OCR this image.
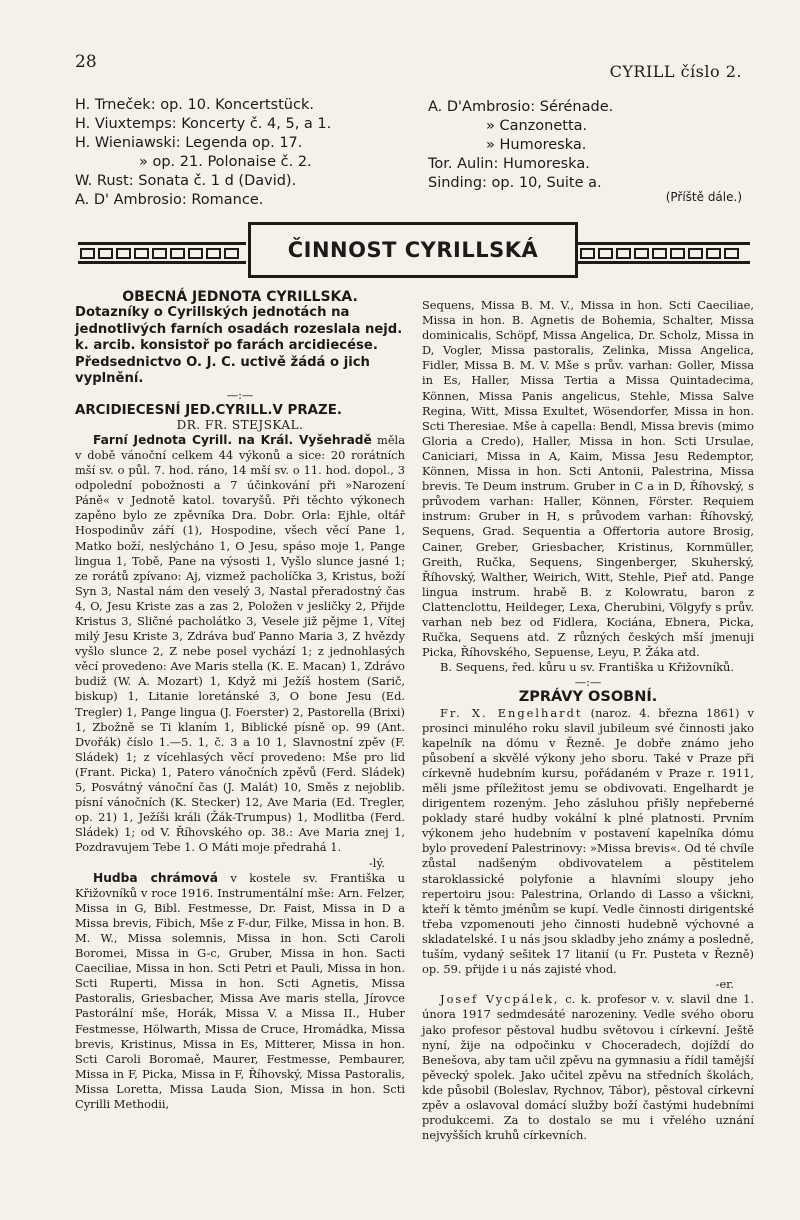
28	CYRILL číslo 2.
H. Trneček: op. 10. Koncertstück.
H. Viuxtemps: Koncerty č. 4, 5, a 1.
H. Wieniawski: Legenda op. 17.
» op. 21. Polonaise č. 2.
W. Rust: Sonata č. 1 d (David).
A. D' Ambrosio: Romance.
A. D'Ambrosio: Sérénade.
» Canzonetta.
» Humoreska.
Tor. Aulin: Humoreska.
Sinding: op. 10, Suite a.
(Příště dále.)
ČINNOST CYRILLSKÁ

OBECNÁ JEDNOTA CYRILLSKA.

Dotazníky o Cyrillských jednotách na jednotlivých farních osadách rozeslala nejd. k. arcib. konsistoř po farách arcidiecése. Předsednictvo O. J. C. uctivě žádá o jich vyplnění.

—:—

ARCIDIECESNÍ JED.CYRILL.V PRAZE.

DR. FR. STEJSKAL.

Farní Jednota Cyrill. na Král. Vyšehradě měla v době vánoční celkem 44 výkonů a sice: 20 rorátních mší sv. o půl. 7. hod. ráno, 14 mší sv. o 11. hod. dopol., 3 odpolední pobožnosti a 7 účinkování při »Narození Páně« v Jednotě katol. tovaryšů. Při těchto výkonech zapěno bylo ze zpěvníka Dra. Dobr. Orla: Ejhle, oltář Hospodinův září (1), Hospodine, všech věcí Pane 1, Matko boží, neslýcháno 1, O Jesu, spáso moje 1, Pange lingua 1, Tobě, Pane na výsosti 1, Vyšlo slunce jasné 1; ze rorátů zpívano: Aj, vizmež pacholíčka 3, Kristus, boží Syn 3, Nastal nám den veselý 3, Nastal přeradostný čas 4, O, Jesu Kriste zas a zas 2, Položen v jesličky 2, Přijde Kristus 3, Sličné pacholátko 3, Vesele již pějme 1, Vítej milý Jesu Kriste 3, Zdráva buď Panno Maria 3, Z hvězdy vyšlo slunce 2, Z nebe posel vychází 1; z jednohlasých věcí provedeno: Ave Maris stella (K. E. Macan) 1, Zdrávo budiž (W. A. Mozart) 1, Když mi Ježíš hostem (Sarič, biskup) 1, Litanie loretánské 3, O bone Jesu (Ed. Tregler) 1, Pange lingua (J. Foerster) 2, Pastorella (Brixi) 1, Zbožně se Ti klaním 1, Biblické písně op. 99 (Ant. Dvořák) číslo 1.—5. 1, č. 3 a 10 1, Slavnostní zpěv (F. Sládek) 1; z vícehlasých věcí provedeno: Mše pro lid (Frant. Picka) 1, Patero vánočních zpěvů (Ferd. Sládek) 5, Posvátný vánoční čas (J. Malát) 10, Směs z nejoblib. písní vánočních (K. Stecker) 12, Ave Maria (Ed. Tregler, op. 21) 1, Ježíši králi (Žák-Trumpus) 1, Modlitba (Ferd. Sládek) 1; od V. Říhovského op. 38.: Ave Maria znej 1, Pozdravujem Tebe 1. O Máti moje předrahá 1.

-lý.

Hudba chrámová v kostele sv. Františka u Křižovníků v roce 1916. Instrumentální mše: Arn. Felzer, Missa in G, Bibl. Festmesse, Dr. Faist, Missa in D a Missa brevis, Fibich, Mše z F-dur, Filke, Missa in hon. B. M. W., Missa solemnis, Missa in hon. Scti Caroli Boromei, Missa in G-c, Gruber, Missa in hon. Sacti Caeciliae, Missa in hon. Scti Petri et Pauli, Missa in hon. Scti Ruperti, Missa in hon. Scti Agnetis, Missa Pastoralis, Griesbacher, Missa Ave maris stella, Jírovce Pastorální mše, Horák, Missa V. a Missa II., Huber Festmesse, Hölwarth, Missa de Cruce, Hromádka, Missa brevis, Kristinus, Missa in Es, Mitterer, Missa in hon. Scti Caroli Boromaě, Maurer, Festmesse, Pembaurer, Missa in F, Picka, Missa in F, Říhovský, Missa Pastoralis, Missa Loretta, Missa Lauda Sion, Missa in hon. Scti Cyrilli Methodii,

Sequens, Missa B. M. V., Missa in hon. Scti Caeciliae, Missa in hon. B. Agnetis de Bohemia, Schalter, Missa dominicalis, Schöpf, Missa Angelica, Dr. Scholz, Missa in D, Vogler, Missa pastoralis, Zelinka, Missa Angelica, Fidler, Missa B. M. V. Mše s prův. varhan: Goller, Missa in Es, Haller, Missa Tertia a Missa Quintadecima, Können, Missa Panis angelicus, Stehle, Missa Salve Regina, Witt, Missa Exultet, Wösendorfer, Missa in hon. Scti Theresiae. Mše à capella: Bendl, Missa brevis (mimo Gloria a Credo), Haller, Missa in hon. Scti Ursulae, Caniciari, Missa in A, Kaim, Missa Jesu Redemptor, Können, Missa in hon. Scti Antonii, Palestrina, Missa brevis. Te Deum instrum. Gruber in C a in D, Říhovský, s průvodem varhan: Haller, Können, Förster. Requiem instrum: Gruber in H, s průvodem varhan: Říhovský, Sequens, Grad. Sequentia a Offertoria autore Brosig, Cainer, Greber, Griesbacher, Kristinus, Kornmüller, Greith, Ručka, Sequens, Singenberger, Skuherský, Říhovský, Walther, Weirich, Witt, Stehle, Pieř atd. Pange lingua instrum. hrabě B. z Kolowratu, baron z Clattenclottu, Heildeger, Lexa, Cherubini, Völgyfy s prův. varhan neb bez od Fidlera, Kociána, Ebnera, Picka, Ručka, Sequens atd. Z různých českých mší jmenuji Picka, Říhovského, Sepuense, Leyu, P. Žáka atd.

B. Sequens, řed. kůru u sv. Františka u Křižovníků.

—:—

ZPRÁVY OSOBNÍ.

Fr. X. Engelhardt (naroz. 4. března 1861) v prosinci minulého roku slavil jubileum své činnosti jako kapelník na dómu v Řezně. Je dobře známo jeho působení a skvělé výkony jeho sboru. Také v Praze při církevně hudebním kursu, pořádaném v Praze r. 1911, měli jsme příležitost jemu se obdivovati. Engelhardt je dirigentem rozeným. Jeho zásluhou přišly nepřeberné poklady staré hudby vokální k plné platnosti. Prvním výkonem jeho hudebním v postavení kapelníka dómu bylo provedení Palestrinovy: »Missa brevis«. Od té chvíle zůstal nadšeným obdivovatelem a pěstitelem staroklassické polyfonie a hlavními sloupy jeho repertoiru jsou: Palestrina, Orlando di Lasso a všickni, kteří k těmto jménům se kupí. Vedle činnosti dirigentské třeba vzpomenouti jeho činnosti hudebně výchovné a skladatelské. I u nás jsou skladby jeho známy a posledně, tuším, vydaný sešitek 17 litanií (u Fr. Pusteta v Řezně) op. 59. přijde i u nás zajisté vhod.

-er.

Josef Vycpálek, c. k. profesor v. v. slavil dne 1. února 1917 sedmdesáté narozeniny. Vedle svého oboru jako profesor pěstoval hudbu světovou i církevní. Ještě nyní, žije na odpočinku v Choceradech, dojíždí do Benešova, aby tam učil zpěvu na gymnasiu a řídil tamější pěvecký spolek. Jako učitel zpěvu na středních školách, kde působil (Boleslav, Rychnov, Tábor), pěstoval církevní zpěv a oslavoval domácí služby boží častými hudebními produkcemi. Za to dostalo se mu i vřelého uznání nejvyšších kruhů církevních.
